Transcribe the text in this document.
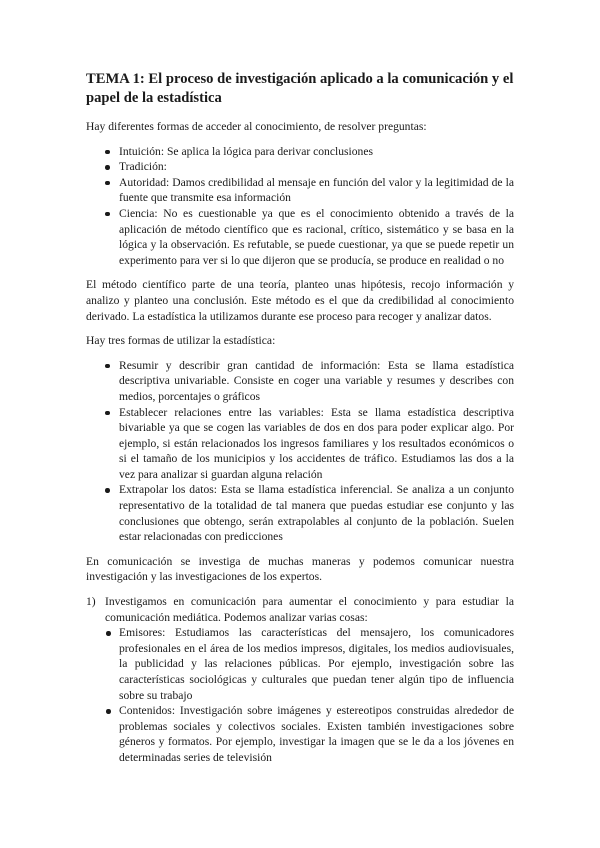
TEMA 1: El proceso de investigación aplicado a la comunicación y el papel de la estadística

Hay diferentes formas de acceder al conocimiento, de resolver preguntas:

Intuición: Se aplica la lógica para derivar conclusiones
Tradición:
Autoridad: Damos credibilidad al mensaje en función del valor y la legitimidad de la fuente que transmite esa información
Ciencia: No es cuestionable ya que es el conocimiento obtenido a través de la aplicación de método científico que es racional, crítico, sistemático y se basa en la lógica y la observación. Es refutable, se puede cuestionar, ya que se puede repetir un experimento para ver si lo que dijeron que se producía, se produce en realidad o no

El método científico parte de una teoría, planteo unas hipótesis, recojo información y analizo y planteo una conclusión. Este método es el que da credibilidad al conocimiento derivado. La estadística la utilizamos durante ese proceso para recoger y analizar datos.

Hay tres formas de utilizar la estadística:

Resumir y describir gran cantidad de información: Esta se llama estadística descriptiva univariable. Consiste en coger una variable y resumes y describes con medios, porcentajes o gráficos
Establecer relaciones entre las variables: Esta se llama estadística descriptiva bivariable ya que se cogen las variables de dos en dos para poder explicar algo. Por ejemplo, si están relacionados los ingresos familiares y los resultados económicos o si el tamaño de los municipios y los accidentes de tráfico. Estudiamos las dos a la vez para analizar si guardan alguna relación
Extrapolar los datos: Esta se llama estadística inferencial. Se analiza a un conjunto representativo de la totalidad de tal manera que puedas estudiar ese conjunto y las conclusiones que obtengo, serán extrapolables al conjunto de la población. Suelen estar relacionadas con predicciones

En comunicación se investiga de muchas maneras y podemos comunicar nuestra investigación y las investigaciones de los expertos.

1) Investigamos en comunicación para aumentar el conocimiento y para estudiar la comunicación mediática. Podemos analizar varias cosas:
Emisores: Estudiamos las características del mensajero, los comunicadores profesionales en el área de los medios impresos, digitales, los medios audiovisuales, la publicidad y las relaciones públicas. Por ejemplo, investigación sobre las características sociológicas y culturales que puedan tener algún tipo de influencia sobre su trabajo
Contenidos: Investigación sobre imágenes y estereotipos construidas alrededor de problemas sociales y colectivos sociales. Existen también investigaciones sobre géneros y formatos. Por ejemplo, investigar la imagen que se le da a los jóvenes en determinadas series de televisión
